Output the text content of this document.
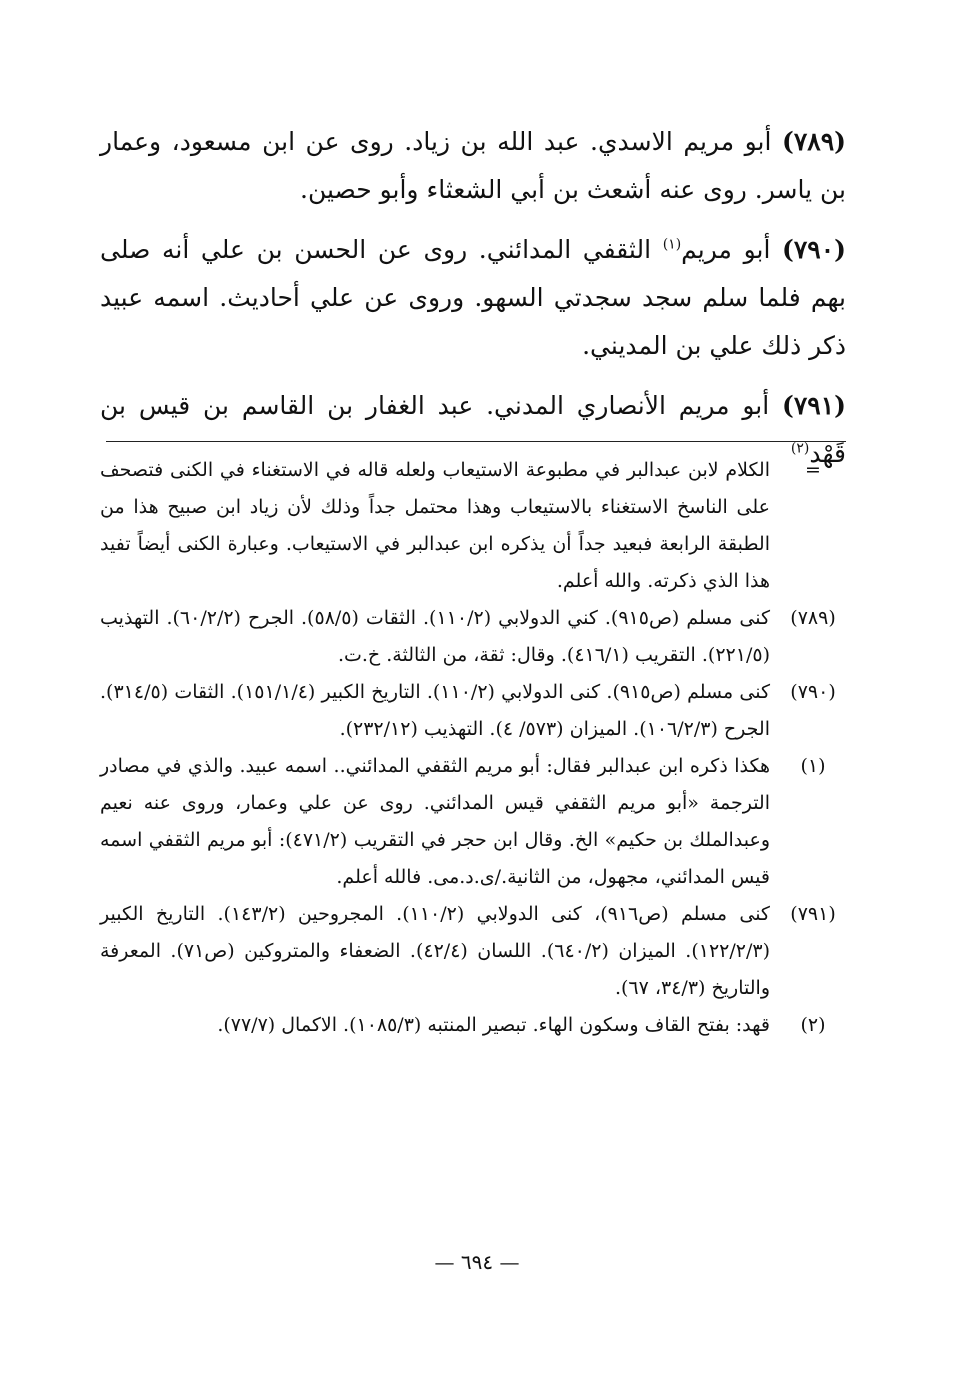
(٧٨٩) أبو مريم الاسدي. عبد الله بن زياد. روى عن ابن مسعود، وعمار بن ياسر. روى عنه أشعث بن أبي الشعثاء وأبو حصين.

(٧٩٠) أبو مريم$^{(١)}$ الثقفي المدائني. روى عن الحسن بن علي أنه صلى بهم فلما سلم سجد سجدتي السهو. وروى عن علي أحاديث. اسمه عبيد ذكر ذلك علي بن المديني.

(٧٩١) أبو مريم الأنصاري المدني. عبد الغفار بن القاسم بن قيس بن قَهْد$^{(٢)}$

=
الكلام لابن عبدالبر في مطبوعة الاستيعاب ولعله قاله في الاستغناء في الكنى فتصحف على الناسخ الاستغناء بالاستيعاب وهذا محتمل جداً وذلك لأن زياد ابن صبيح هذا من الطبقة الرابعة فبعيد جداً أن يذكره ابن عبدالبر في الاستيعاب. وعبارة الكنى أيضاً تفيد هذا الذي ذكرته. والله أعلم.
(٧٨٩)
كنى مسلم (ص٩١٥). كني الدولابي (١١٠/٢). الثقات (٥٨/٥). الجرح (٦٠/٢/٢). التهذيب (٢٢١/٥). التقريب (٤١٦/١). وقال: ثقة، من الثالثة. خ.ت.
(٧٩٠)
كنى مسلم (ص٩١٥). كنى الدولابي (١١٠/٢). التاريخ الكبير (١٥١/١/٤). الثقات (٣١٤/٥). الجرح (١٠٦/٢/٣). الميزان (٥٧٣/ ٤). التهذيب (٢٣٢/١٢).
(١)
هكذا ذكره ابن عبدالبر فقال: أبو مريم الثقفي المدائني.. اسمه عبيد. والذي في مصادر الترجمة «أبو مريم الثقفي قيس المدائني. روى عن علي وعمار، وروى عنه نعيم وعبدالملك بن حكيم» الخ. وقال ابن حجر في التقريب (٤٧١/٢): أبو مريم الثقفي اسمه قيس المدائني، مجهول، من الثانية./ى.د.مى. فالله أعلم.
(٧٩١)
كنى مسلم (ص٩١٦)، كنى الدولابي (١١٠/٢). المجروحين (١٤٣/٢). التاريخ الكبير (١٢٢/٢/٣). الميزان (٦٤٠/٢). اللسان (٤٢/٤). الضعفاء والمتروكين (ص٧١). المعرفة والتاريخ (٣٤/٣، ٦٧).
(٢)
قهد: بفتح القاف وسكون الهاء. تبصير المنتبه (١٠٨٥/٣). الاكمال (٧٧/٧).
— ٦٩٤ —
